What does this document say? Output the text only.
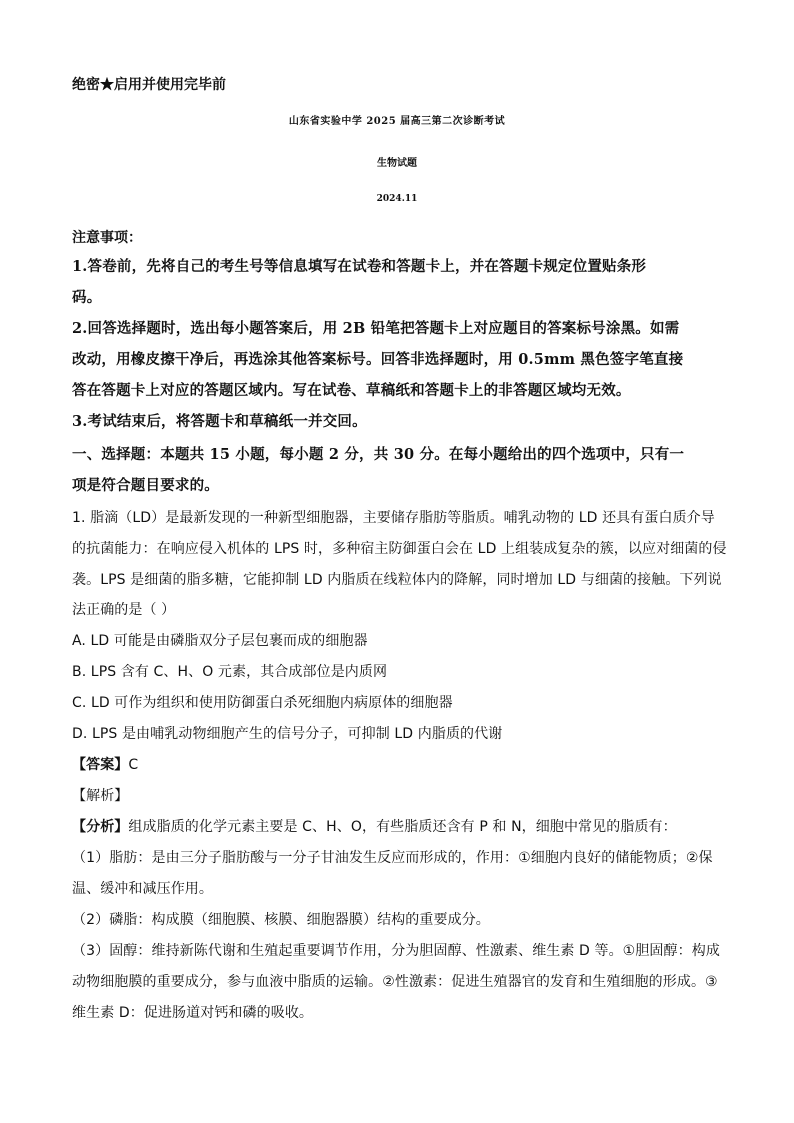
绝密★启用并使用完毕前
山东省实验中学 2025 届高三第二次诊断考试
生物试题
2024.11
注意事项：
1.答卷前，先将自己的考生号等信息填写在试卷和答题卡上，并在答题卡规定位置贴条形
码。
2.回答选择题时，选出每小题答案后，用 2B 铅笔把答题卡上对应题目的答案标号涂黑。如需
改动，用橡皮擦干净后，再选涂其他答案标号。回答非选择题时，用 0.5mm 黑色签字笔直接
答在答题卡上对应的答题区域内。写在试卷、草稿纸和答题卡上的非答题区域均无效。
3.考试结束后，将答题卡和草稿纸一并交回。
一、选择题：本题共 15 小题，每小题 2 分，共 30 分。在每小题给出的四个选项中，只有一
项是符合题目要求的。
1. 脂滴（LD）是最新发现的一种新型细胞器，主要储存脂肪等脂质。哺乳动物的 LD 还具有蛋白质介导
的抗菌能力：在响应侵入机体的 LPS 时，多种宿主防御蛋白会在 LD 上组装成复杂的簇，以应对细菌的侵
袭。LPS 是细菌的脂多糖，它能抑制 LD 内脂质在线粒体内的降解，同时增加 LD 与细菌的接触。下列说
法正确的是（ ）
A. LD 可能是由磷脂双分子层包裹而成的细胞器
B. LPS 含有 C、H、O 元素，其合成部位是内质网
C. LD 可作为组织和使用防御蛋白杀死细胞内病原体的细胞器
D. LPS 是由哺乳动物细胞产生的信号分子，可抑制 LD 内脂质的代谢
【答案】C
【解析】
【分析】组成脂质的化学元素主要是 C、H、O，有些脂质还含有 P 和 N，细胞中常见的脂质有：
（1）脂肪：是由三分子脂肪酸与一分子甘油发生反应而形成的，作用：①细胞内良好的储能物质；②保
温、缓冲和减压作用。
（2）磷脂：构成膜（细胞膜、核膜、细胞器膜）结构的重要成分。
（3）固醇：维持新陈代谢和生殖起重要调节作用，分为胆固醇、性激素、维生素 D 等。①胆固醇：构成
动物细胞膜的重要成分，参与血液中脂质的运输。②性激素：促进生殖器官的发育和生殖细胞的形成。③
维生素 D：促进肠道对钙和磷的吸收。
